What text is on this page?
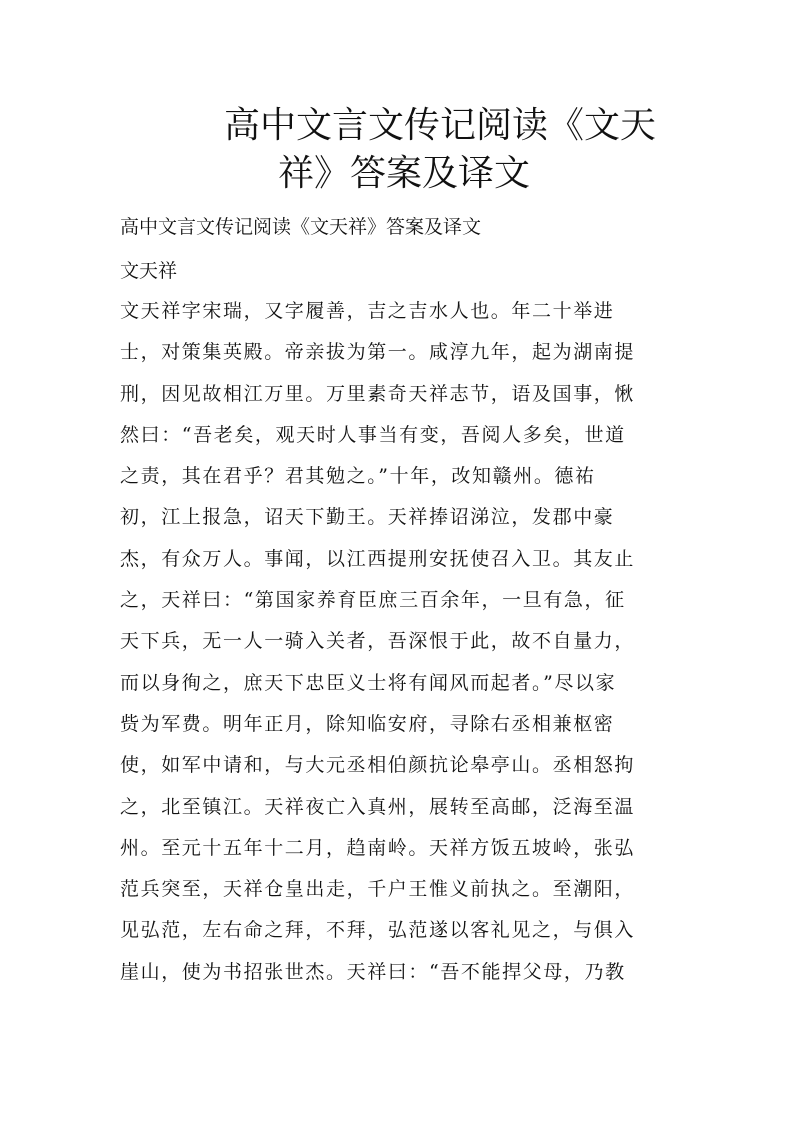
高中文言文传记阅读《文天
祥》答案及译文
高中文言文传记阅读《文天祥》答案及译文
文天祥
文天祥字宋瑞，又字履善，吉之吉水人也。年二十举进
士，对策集英殿。帝亲拔为第一。咸淳九年，起为湖南提
刑，因见故相江万里。万里素奇天祥志节，语及国事，愀
然曰：“吾老矣，观天时人事当有变，吾阅人多矣，世道
之责，其在君乎？君其勉之。”十年，改知赣州。德祐
初，江上报急，诏天下勤王。天祥捧诏涕泣，发郡中豪
杰，有众万人。事闻，以江西提刑安抚使召入卫。其友止
之，天祥曰：“第国家养育臣庶三百余年，一旦有急，征
天下兵，无一人一骑入关者，吾深恨于此，故不自量力，
而以身徇之，庶天下忠臣义士将有闻风而起者。”尽以家
赀为军费。明年正月，除知临安府，寻除右丞相兼枢密
使，如军中请和，与大元丞相伯颜抗论皋亭山。丞相怒拘
之，北至镇江。天祥夜亡入真州，展转至高邮，泛海至温
州。至元十五年十二月，趋南岭。天祥方饭五坡岭，张弘
范兵突至，天祥仓皇出走，千户王惟义前执之。至潮阳，
见弘范，左右命之拜，不拜，弘范遂以客礼见之，与俱入
崖山，使为书招张世杰。天祥曰：“吾不能捍父母，乃教
